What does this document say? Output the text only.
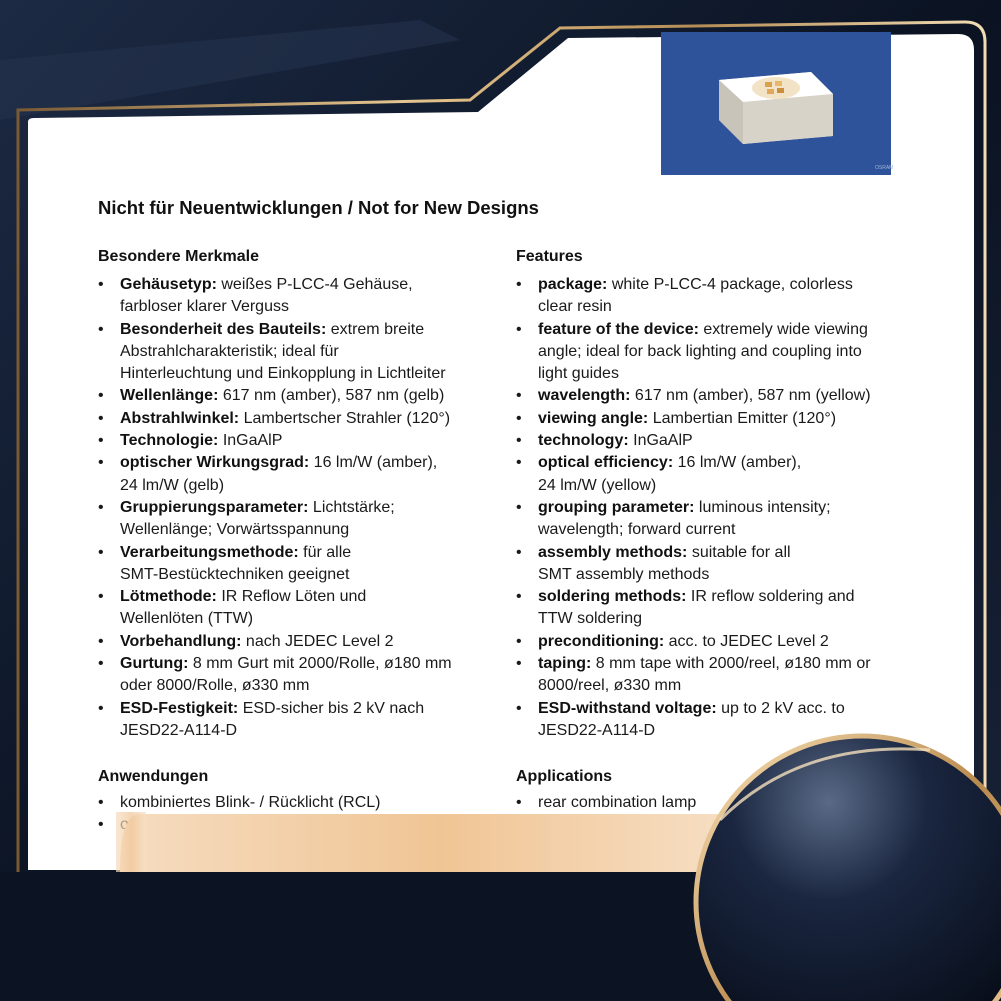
OSRAM
Nicht für Neuentwicklungen / Not for New Designs
Besondere Merkmale
• Gehäusetyp: weißes P-LCC-4 Gehäuse,
farbloser klarer Verguss
• Besonderheit des Bauteils: extrem breite
Abstrahlcharakteristik; ideal für
Hinterleuchtung und Einkopplung in Lichtleiter
• Wellenlänge: 617 nm (amber), 587 nm (gelb)
• Abstrahlwinkel: Lambertscher Strahler (120°)
• Technologie: InGaAlP
• optischer Wirkungsgrad: 16 lm/W (amber),
24 lm/W (gelb)
• Gruppierungsparameter: Lichtstärke;
Wellenlänge; Vorwärtsspannung
• Verarbeitungsmethode: für alle
SMT-Bestücktechniken geeignet
• Lötmethode: IR Reflow Löten und
Wellenlöten (TTW)
• Vorbehandlung: nach JEDEC Level 2
• Gurtung: 8 mm Gurt mit 2000/Rolle, ø180 mm
oder 8000/Rolle, ø330 mm
• ESD-Festigkeit: ESD-sicher bis 2 kV nach
JESD22-A114-D
Anwendungen
• kombiniertes Blink- / Rücklicht (RCL)
•
Features
• package: white P-LCC-4 package, colorless
clear resin
• feature of the device: extremely wide viewing
angle; ideal for back lighting and coupling into
light guides
• wavelength: 617 nm (amber), 587 nm (yellow)
• viewing angle: Lambertian Emitter (120°)
• technology: InGaAlP
• optical efficiency: 16 lm/W (amber),
24 lm/W (yellow)
• grouping parameter: luminous intensity;
wavelength; forward current
• assembly methods: suitable for all
SMT assembly methods
• soldering methods: IR reflow soldering and
TTW soldering
• preconditioning: acc. to JEDEC Level 2
• taping: 8 mm tape with 2000/reel, ø180 mm or
8000/reel, ø330 mm
• ESD-withstand voltage: up to 2 kV acc. to
JESD22-A114-D
Applications
• rear combination lamp
